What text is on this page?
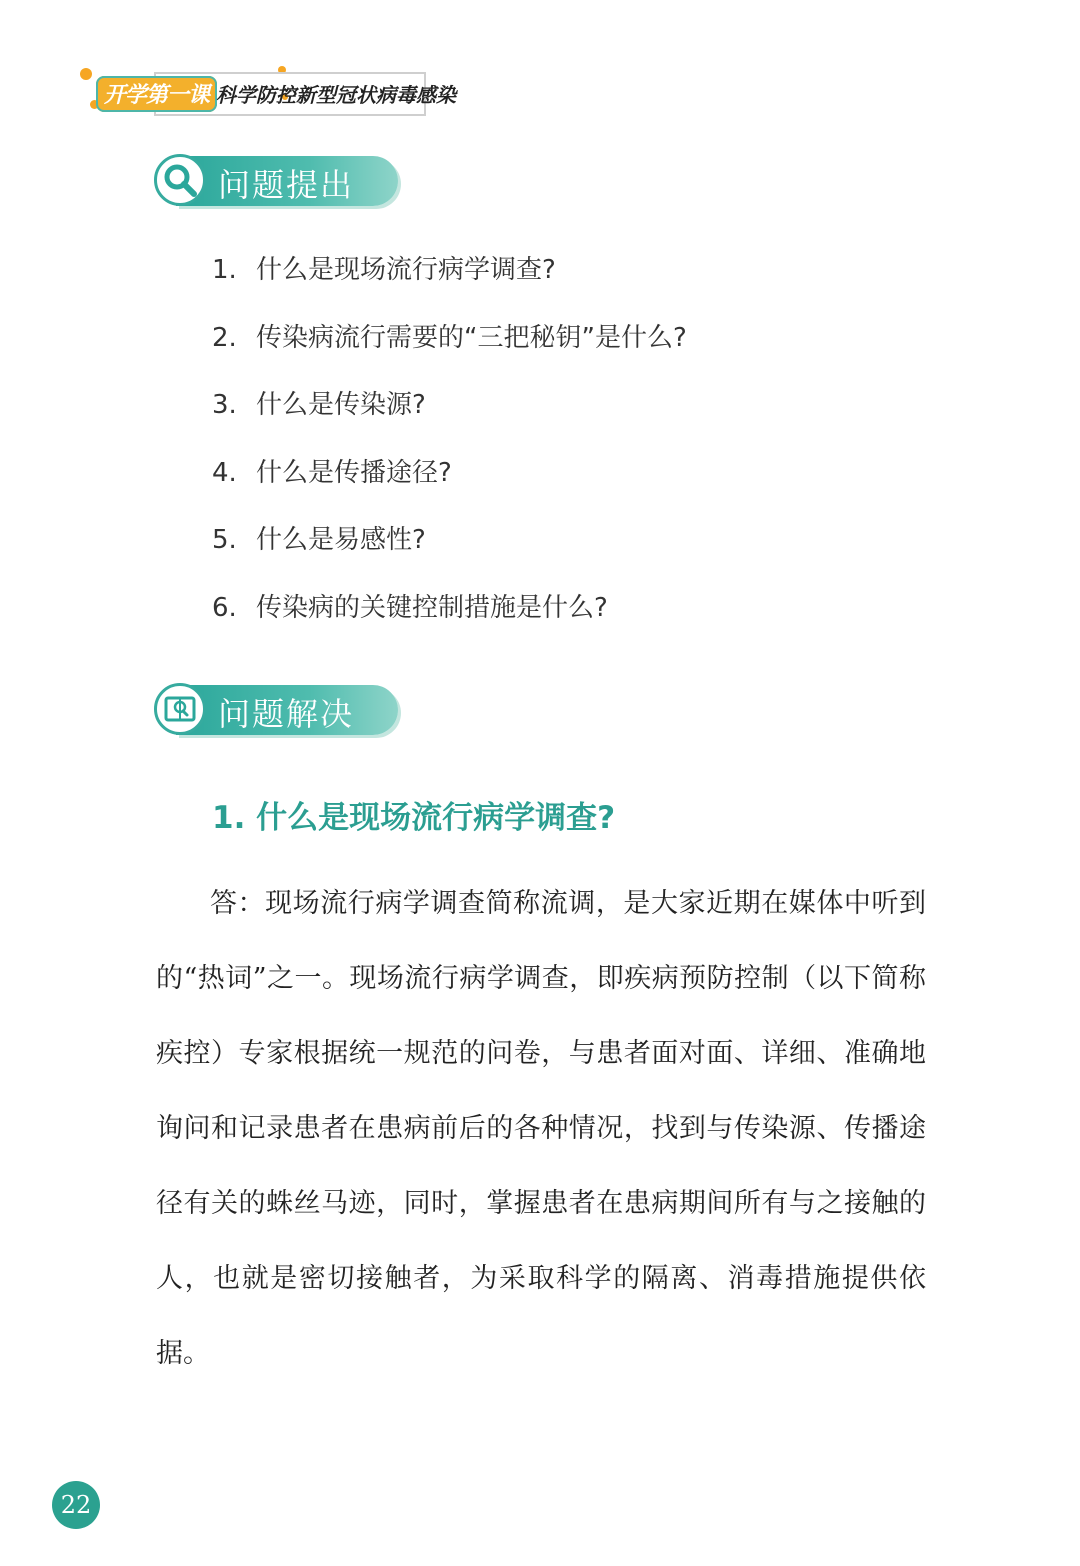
开学第一课 科学防控新型冠状病毒感染
问题提出
1. 什么是现场流行病学调查?
2. 传染病流行需要的“三把秘钥”是什么?
3. 什么是传染源?
4. 什么是传播途径?
5. 什么是易感性?
6. 传染病的关键控制措施是什么?
问题解决
1. 什么是现场流行病学调查?

答：现场流行病学调查简称流调，是大家近期在媒体中听到的“热词”之一。现场流行病学调查，即疾病预防控制（以下简称疾控）专家根据统一规范的问卷，与患者面对面、详细、准确地询问和记录患者在患病前后的各种情况，找到与传染源、传播途径有关的蛛丝马迹，同时，掌握患者在患病期间所有与之接触的人，也就是密切接触者，为采取科学的隔离、消毒措施提供依据。

22
